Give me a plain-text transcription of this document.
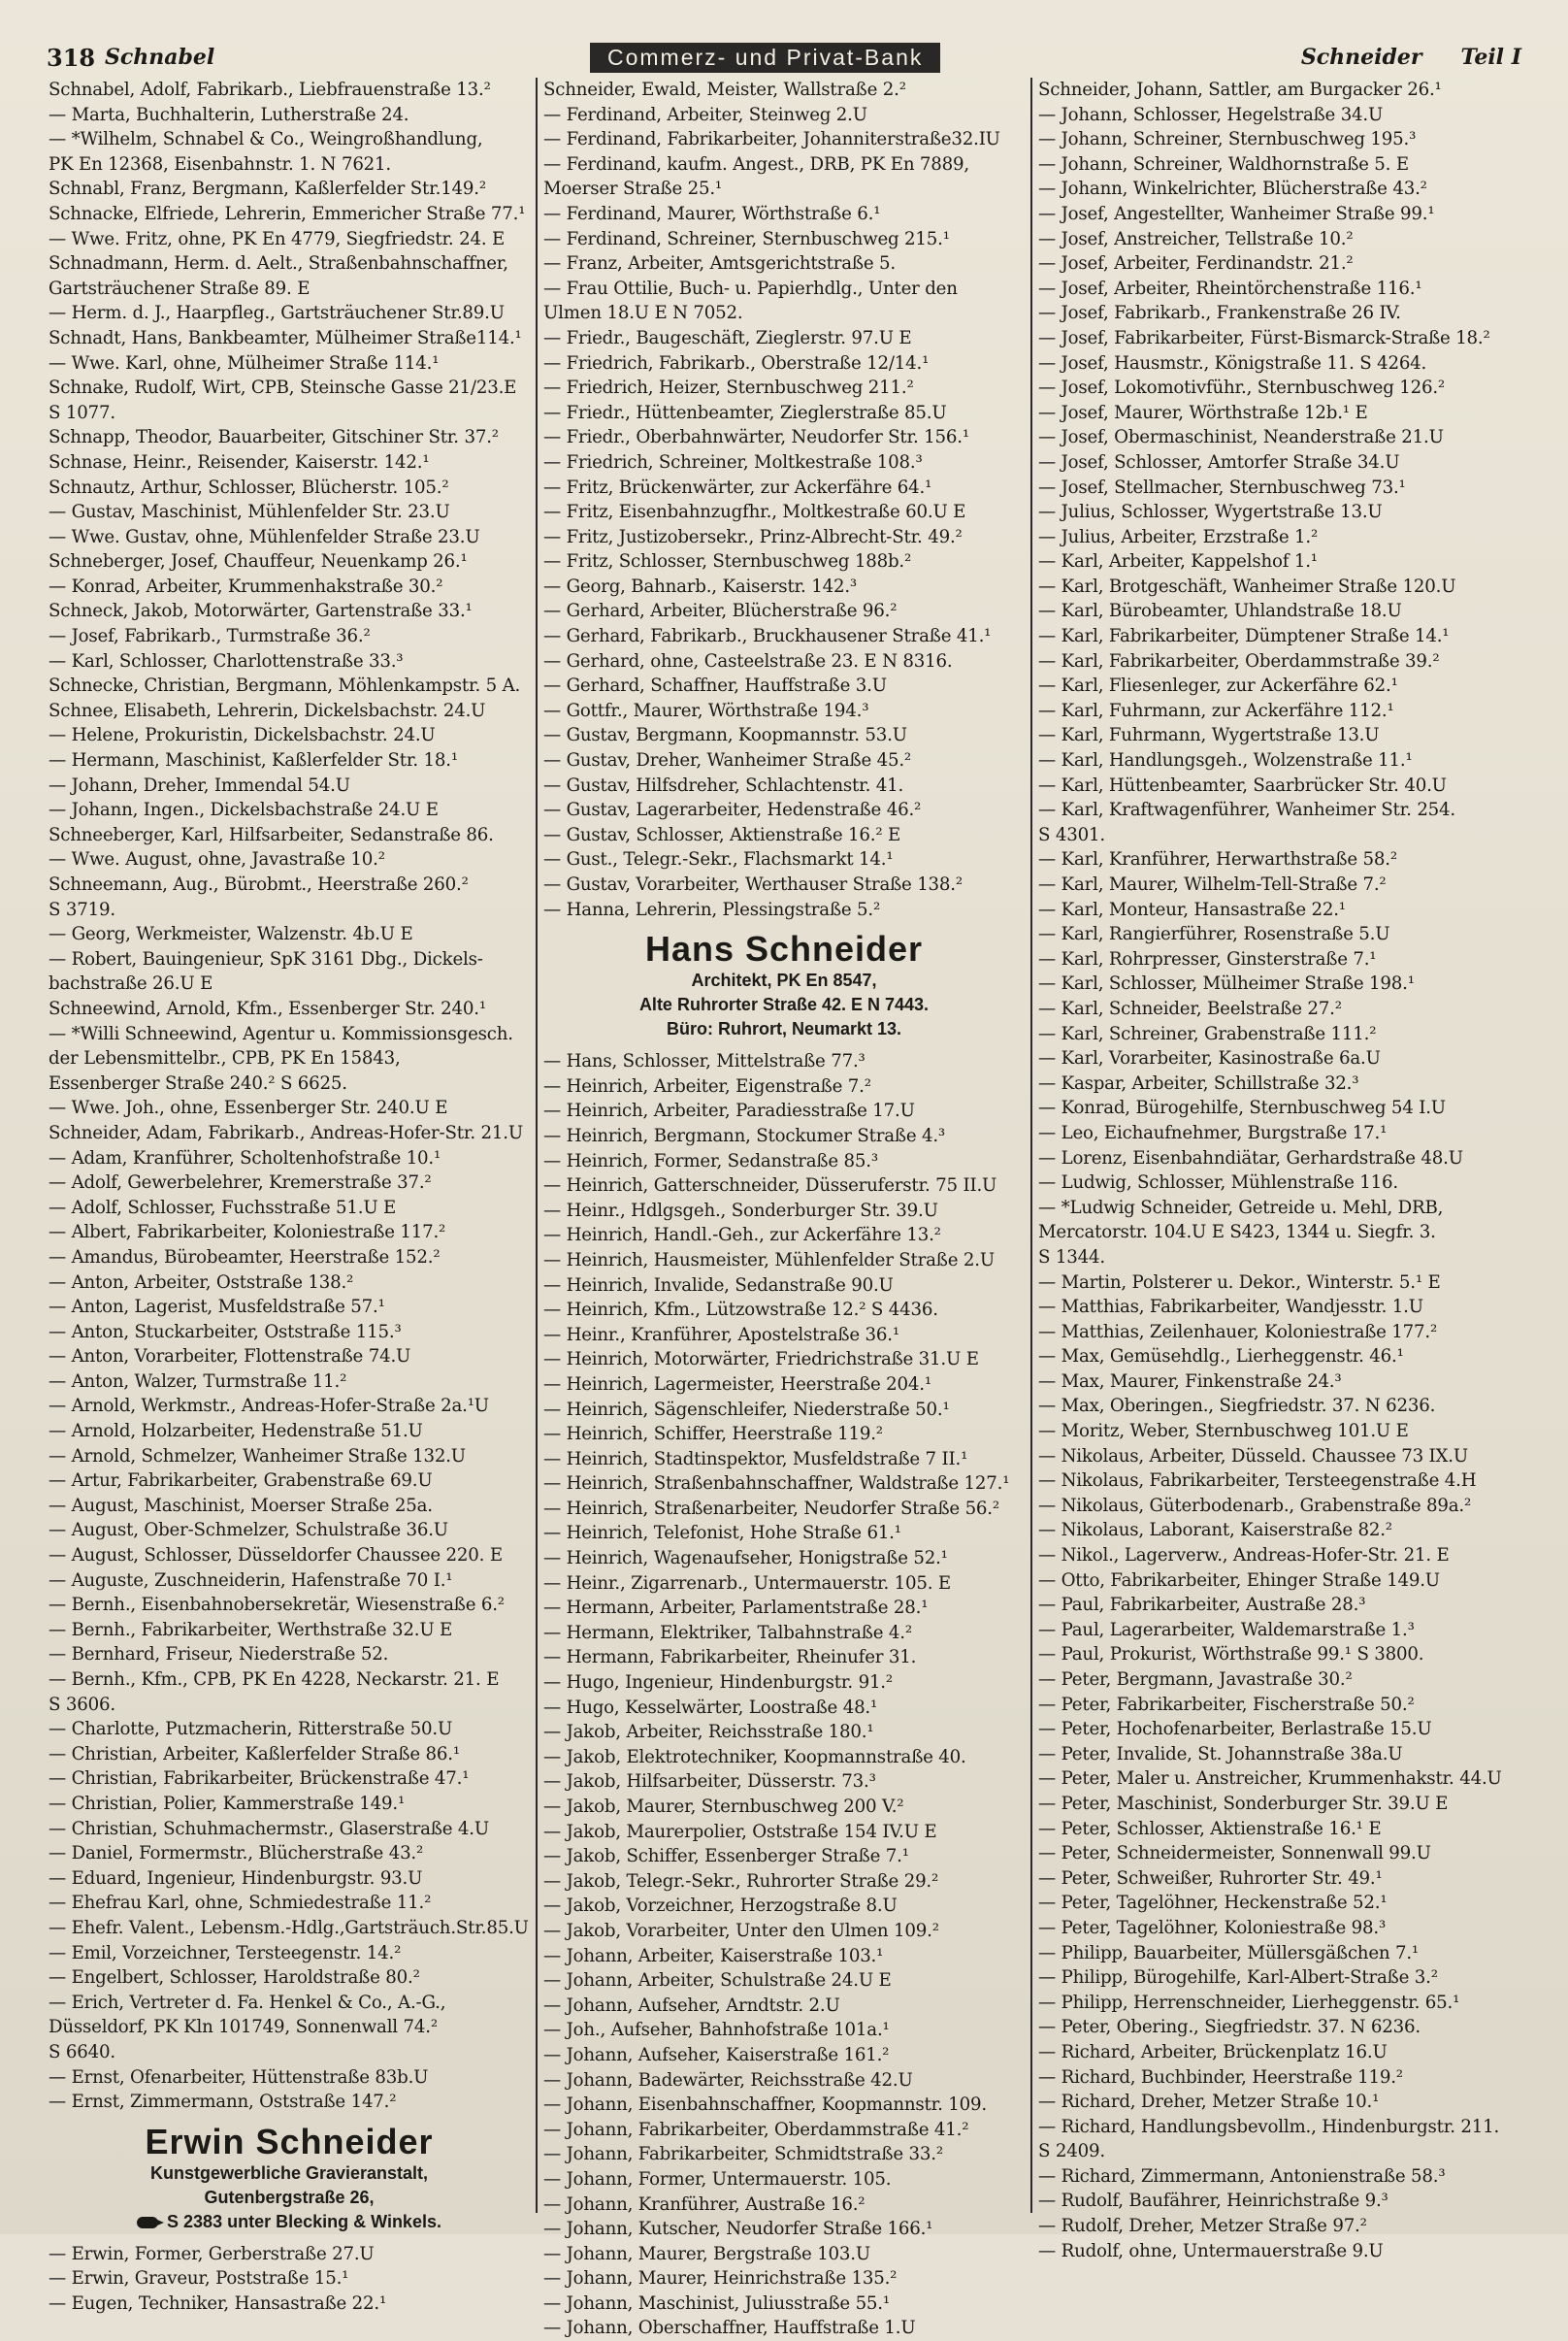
318 Schnabel	Commerz- und Privat-Bank	Schneider Teil I
Schnabel, Adolf, Fabrikarb., Liebfrauenstraße 13.²
— Marta, Buchhalterin, Lutherstraße 24.
— *Wilhelm, Schnabel & Co., Weingroßhandlung,
PK En 12368, Eisenbahnstr. 1. N 7621.
Schnabl, Franz, Bergmann, Kaßlerfelder Str.149.²
Schnacke, Elfriede, Lehrerin, Emmericher Straße 77.¹
— Wwe. Fritz, ohne, PK En 4779, Siegfriedstr. 24. E
Schnadmann, Herm. d. Aelt., Straßenbahnschaffner,
Gartsträuchener Straße 89. E
— Herm. d. J., Haarpfleg., Gartsträuchener Str.89.U
Schnadt, Hans, Bankbeamter, Mülheimer Straße114.¹
— Wwe. Karl, ohne, Mülheimer Straße 114.¹
Schnake, Rudolf, Wirt, CPB, Steinsche Gasse 21/23.E
S 1077.
Schnapp, Theodor, Bauarbeiter, Gitschiner Str. 37.²
Schnase, Heinr., Reisender, Kaiserstr. 142.¹
Schnautz, Arthur, Schlosser, Blücherstr. 105.²
— Gustav, Maschinist, Mühlenfelder Str. 23.U
— Wwe. Gustav, ohne, Mühlenfelder Straße 23.U
Schneberger, Josef, Chauffeur, Neuenkamp 26.¹
— Konrad, Arbeiter, Krummenhakstraße 30.²
Schneck, Jakob, Motorwärter, Gartenstraße 33.¹
— Josef, Fabrikarb., Turmstraße 36.²
— Karl, Schlosser, Charlottenstraße 33.³
Schnecke, Christian, Bergmann, Möhlenkampstr. 5 A.
Schnee, Elisabeth, Lehrerin, Dickelsbachstr. 24.U
— Helene, Prokuristin, Dickelsbachstr. 24.U
— Hermann, Maschinist, Kaßlerfelder Str. 18.¹
— Johann, Dreher, Immendal 54.U
— Johann, Ingen., Dickelsbachstraße 24.U E
Schneeberger, Karl, Hilfsarbeiter, Sedanstraße 86.
— Wwe. August, ohne, Javastraße 10.²
Schneemann, Aug., Bürobmt., Heerstraße 260.²
S 3719.
— Georg, Werkmeister, Walzenstr. 4b.U E
— Robert, Bauingenieur, SpK 3161 Dbg., Dickels-
bachstraße 26.U E
Schneewind, Arnold, Kfm., Essenberger Str. 240.¹
— *Willi Schneewind, Agentur u. Kommissionsgesch.
der Lebensmittelbr., CPB, PK En 15843,
Essenberger Straße 240.² S 6625.
— Wwe. Joh., ohne, Essenberger Str. 240.U E
Schneider, Adam, Fabrikarb., Andreas-Hofer-Str. 21.U
— Adam, Kranführer, Scholtenhofstraße 10.¹
— Adolf, Gewerbelehrer, Kremerstraße 37.²
— Adolf, Schlosser, Fuchsstraße 51.U E
— Albert, Fabrikarbeiter, Koloniestraße 117.²
— Amandus, Bürobeamter, Heerstraße 152.²
— Anton, Arbeiter, Oststraße 138.²
— Anton, Lagerist, Musfeldstraße 57.¹
— Anton, Stuckarbeiter, Oststraße 115.³
— Anton, Vorarbeiter, Flottenstraße 74.U
— Anton, Walzer, Turmstraße 11.²
— Arnold, Werkmstr., Andreas-Hofer-Straße 2a.¹U
— Arnold, Holzarbeiter, Hedenstraße 51.U
— Arnold, Schmelzer, Wanheimer Straße 132.U
— Artur, Fabrikarbeiter, Grabenstraße 69.U
— August, Maschinist, Moerser Straße 25a.
— August, Ober-Schmelzer, Schulstraße 36.U
— August, Schlosser, Düsseldorfer Chaussee 220. E
— Auguste, Zuschneiderin, Hafenstraße 70 I.¹
— Bernh., Eisenbahnobersekretär, Wiesenstraße 6.²
— Bernh., Fabrikarbeiter, Werthstraße 32.U E
— Bernhard, Friseur, Niederstraße 52.
— Bernh., Kfm., CPB, PK En 4228, Neckarstr. 21. E
S 3606.
— Charlotte, Putzmacherin, Ritterstraße 50.U
— Christian, Arbeiter, Kaßlerfelder Straße 86.¹
— Christian, Fabrikarbeiter, Brückenstraße 47.¹
— Christian, Polier, Kammerstraße 149.¹
— Christian, Schuhmachermstr., Glaserstraße 4.U
— Daniel, Formermstr., Blücherstraße 43.²
— Eduard, Ingenieur, Hindenburgstr. 93.U
— Ehefrau Karl, ohne, Schmiedestraße 11.²
— Ehefr. Valent., Lebensm.-Hdlg.,Gartsträuch.Str.85.U
— Emil, Vorzeichner, Tersteegenstr. 14.²
— Engelbert, Schlosser, Haroldstraße 80.²
— Erich, Vertreter d. Fa. Henkel & Co., A.-G.,
Düsseldorf, PK Kln 101749, Sonnenwall 74.²
S 6640.
— Ernst, Ofenarbeiter, Hüttenstraße 83b.U
— Ernst, Zimmermann, Oststraße 147.²
Erwin Schneider
Kunstgewerbliche Gravieranstalt,
Gutenbergstraße 26,
S 2383 unter Blecking & Winkels.
— Erwin, Former, Gerberstraße 27.U
— Erwin, Graveur, Poststraße 15.¹
— Eugen, Techniker, Hansastraße 22.¹
Schneider, Ewald, Meister, Wallstraße 2.²
— Ferdinand, Arbeiter, Steinweg 2.U
— Ferdinand, Fabrikarbeiter, Johanniterstraße32.IU
— Ferdinand, kaufm. Angest., DRB, PK En 7889,
Moerser Straße 25.¹
— Ferdinand, Maurer, Wörthstraße 6.¹
— Ferdinand, Schreiner, Sternbuschweg 215.¹
— Franz, Arbeiter, Amtsgerichtstraße 5.
— Frau Ottilie, Buch- u. Papierhdlg., Unter den
Ulmen 18.U E N 7052.
— Friedr., Baugeschäft, Zieglerstr. 97.U E
— Friedrich, Fabrikarb., Oberstraße 12/14.¹
— Friedrich, Heizer, Sternbuschweg 211.²
— Friedr., Hüttenbeamter, Zieglerstraße 85.U
— Friedr., Oberbahnwärter, Neudorfer Str. 156.¹
— Friedrich, Schreiner, Moltkestraße 108.³
— Fritz, Brückenwärter, zur Ackerfähre 64.¹
— Fritz, Eisenbahnzugfhr., Moltkestraße 60.U E
— Fritz, Justizobersekr., Prinz-Albrecht-Str. 49.²
— Fritz, Schlosser, Sternbuschweg 188b.²
— Georg, Bahnarb., Kaiserstr. 142.³
— Gerhard, Arbeiter, Blücherstraße 96.²
— Gerhard, Fabrikarb., Bruckhausener Straße 41.¹
— Gerhard, ohne, Casteelstraße 23. E N 8316.
— Gerhard, Schaffner, Hauffstraße 3.U
— Gottfr., Maurer, Wörthstraße 194.³
— Gustav, Bergmann, Koopmannstr. 53.U
— Gustav, Dreher, Wanheimer Straße 45.²
— Gustav, Hilfsdreher, Schlachtenstr. 41.
— Gustav, Lagerarbeiter, Hedenstraße 46.²
— Gustav, Schlosser, Aktienstraße 16.² E
— Gust., Telegr.-Sekr., Flachsmarkt 14.¹
— Gustav, Vorarbeiter, Werthauser Straße 138.²
— Hanna, Lehrerin, Plessingstraße 5.²
Hans Schneider
Architekt, PK En 8547,
Alte Ruhrorter Straße 42. E N 7443.
Büro: Ruhrort, Neumarkt 13.
— Hans, Schlosser, Mittelstraße 77.³
— Heinrich, Arbeiter, Eigenstraße 7.²
— Heinrich, Arbeiter, Paradiesstraße 17.U
— Heinrich, Bergmann, Stockumer Straße 4.³
— Heinrich, Former, Sedanstraße 85.³
— Heinrich, Gatterschneider, Düsseruferstr. 75 II.U
— Heinr., Hdlgsgeh., Sonderburger Str. 39.U
— Heinrich, Handl.-Geh., zur Ackerfähre 13.²
— Heinrich, Hausmeister, Mühlenfelder Straße 2.U
— Heinrich, Invalide, Sedanstraße 90.U
— Heinrich, Kfm., Lützowstraße 12.² S 4436.
— Heinr., Kranführer, Apostelstraße 36.¹
— Heinrich, Motorwärter, Friedrichstraße 31.U E
— Heinrich, Lagermeister, Heerstraße 204.¹
— Heinrich, Sägenschleifer, Niederstraße 50.¹
— Heinrich, Schiffer, Heerstraße 119.²
— Heinrich, Stadtinspektor, Musfeldstraße 7 II.¹
— Heinrich, Straßenbahnschaffner, Waldstraße 127.¹
— Heinrich, Straßenarbeiter, Neudorfer Straße 56.²
— Heinrich, Telefonist, Hohe Straße 61.¹
— Heinrich, Wagenaufseher, Honigstraße 52.¹
— Heinr., Zigarrenarb., Untermauerstr. 105. E
— Hermann, Arbeiter, Parlamentstraße 28.¹
— Hermann, Elektriker, Talbahnstraße 4.²
— Hermann, Fabrikarbeiter, Rheinufer 31.
— Hugo, Ingenieur, Hindenburgstr. 91.²
— Hugo, Kesselwärter, Loostraße 48.¹
— Jakob, Arbeiter, Reichsstraße 180.¹
— Jakob, Elektrotechniker, Koopmannstraße 40.
— Jakob, Hilfsarbeiter, Düsserstr. 73.³
— Jakob, Maurer, Sternbuschweg 200 V.²
— Jakob, Maurerpolier, Oststraße 154 IV.U E
— Jakob, Schiffer, Essenberger Straße 7.¹
— Jakob, Telegr.-Sekr., Ruhrorter Straße 29.²
— Jakob, Vorzeichner, Herzogstraße 8.U
— Jakob, Vorarbeiter, Unter den Ulmen 109.²
— Johann, Arbeiter, Kaiserstraße 103.¹
— Johann, Arbeiter, Schulstraße 24.U E
— Johann, Aufseher, Arndtstr. 2.U
— Joh., Aufseher, Bahnhofstraße 101a.¹
— Johann, Aufseher, Kaiserstraße 161.²
— Johann, Badewärter, Reichsstraße 42.U
— Johann, Eisenbahnschaffner, Koopmannstr. 109.
— Johann, Fabrikarbeiter, Oberdammstraße 41.²
— Johann, Fabrikarbeiter, Schmidtstraße 33.²
— Johann, Former, Untermauerstr. 105.
— Johann, Kranführer, Austraße 16.²
— Johann, Kutscher, Neudorfer Straße 166.¹
— Johann, Maurer, Bergstraße 103.U
— Johann, Maurer, Heinrichstraße 135.²
— Johann, Maschinist, Juliusstraße 55.¹
— Johann, Oberschaffner, Hauffstraße 1.U
Schneider, Johann, Sattler, am Burgacker 26.¹
— Johann, Schlosser, Hegelstraße 34.U
— Johann, Schreiner, Sternbuschweg 195.³
— Johann, Schreiner, Waldhornstraße 5. E
— Johann, Winkelrichter, Blücherstraße 43.²
— Josef, Angestellter, Wanheimer Straße 99.¹
— Josef, Anstreicher, Tellstraße 10.²
— Josef, Arbeiter, Ferdinandstr. 21.²
— Josef, Arbeiter, Rheintörchenstraße 116.¹
— Josef, Fabrikarb., Frankenstraße 26 IV.
— Josef, Fabrikarbeiter, Fürst-Bismarck-Straße 18.²
— Josef, Hausmstr., Königstraße 11. S 4264.
— Josef, Lokomotivführ., Sternbuschweg 126.²
— Josef, Maurer, Wörthstraße 12b.¹ E
— Josef, Obermaschinist, Neanderstraße 21.U
— Josef, Schlosser, Amtorfer Straße 34.U
— Josef, Stellmacher, Sternbuschweg 73.¹
— Julius, Schlosser, Wygertstraße 13.U
— Julius, Arbeiter, Erzstraße 1.²
— Karl, Arbeiter, Kappelshof 1.¹
— Karl, Brotgeschäft, Wanheimer Straße 120.U
— Karl, Bürobeamter, Uhlandstraße 18.U
— Karl, Fabrikarbeiter, Dümptener Straße 14.¹
— Karl, Fabrikarbeiter, Oberdammstraße 39.²
— Karl, Fliesenleger, zur Ackerfähre 62.¹
— Karl, Fuhrmann, zur Ackerfähre 112.¹
— Karl, Fuhrmann, Wygertstraße 13.U
— Karl, Handlungsgeh., Wolzenstraße 11.¹
— Karl, Hüttenbeamter, Saarbrücker Str. 40.U
— Karl, Kraftwagenführer, Wanheimer Str. 254.
S 4301.
— Karl, Kranführer, Herwarthstraße 58.²
— Karl, Maurer, Wilhelm-Tell-Straße 7.²
— Karl, Monteur, Hansastraße 22.¹
— Karl, Rangierführer, Rosenstraße 5.U
— Karl, Rohrpresser, Ginsterstraße 7.¹
— Karl, Schlosser, Mülheimer Straße 198.¹
— Karl, Schneider, Beelstraße 27.²
— Karl, Schreiner, Grabenstraße 111.²
— Karl, Vorarbeiter, Kasinostraße 6a.U
— Kaspar, Arbeiter, Schillstraße 32.³
— Konrad, Bürogehilfe, Sternbuschweg 54 I.U
— Leo, Eichaufnehmer, Burgstraße 17.¹
— Lorenz, Eisenbahndiätar, Gerhardstraße 48.U
— Ludwig, Schlosser, Mühlenstraße 116.
— *Ludwig Schneider, Getreide u. Mehl, DRB,
Mercatorstr. 104.U E S423, 1344 u. Siegfr. 3.
S 1344.
— Martin, Polsterer u. Dekor., Winterstr. 5.¹ E
— Matthias, Fabrikarbeiter, Wandjesstr. 1.U
— Matthias, Zeilenhauer, Koloniestraße 177.²
— Max, Gemüsehdlg., Lierheggenstr. 46.¹
— Max, Maurer, Finkenstraße 24.³
— Max, Oberingen., Siegfriedstr. 37. N 6236.
— Moritz, Weber, Sternbuschweg 101.U E
— Nikolaus, Arbeiter, Düsseld. Chaussee 73 IX.U
— Nikolaus, Fabrikarbeiter, Tersteegenstraße 4.H
— Nikolaus, Güterbodenarb., Grabenstraße 89a.²
— Nikolaus, Laborant, Kaiserstraße 82.²
— Nikol., Lagerverw., Andreas-Hofer-Str. 21. E
— Otto, Fabrikarbeiter, Ehinger Straße 149.U
— Paul, Fabrikarbeiter, Austraße 28.³
— Paul, Lagerarbeiter, Waldemarstraße 1.³
— Paul, Prokurist, Wörthstraße 99.¹ S 3800.
— Peter, Bergmann, Javastraße 30.²
— Peter, Fabrikarbeiter, Fischerstraße 50.²
— Peter, Hochofenarbeiter, Berlastraße 15.U
— Peter, Invalide, St. Johannstraße 38a.U
— Peter, Maler u. Anstreicher, Krummenhakstr. 44.U
— Peter, Maschinist, Sonderburger Str. 39.U E
— Peter, Schlosser, Aktienstraße 16.¹ E
— Peter, Schneidermeister, Sonnenwall 99.U
— Peter, Schweißer, Ruhrorter Str. 49.¹
— Peter, Tagelöhner, Heckenstraße 52.¹
— Peter, Tagelöhner, Koloniestraße 98.³
— Philipp, Bauarbeiter, Müllersgäßchen 7.¹
— Philipp, Bürogehilfe, Karl-Albert-Straße 3.²
— Philipp, Herrenschneider, Lierheggenstr. 65.¹
— Peter, Obering., Siegfriedstr. 37. N 6236.
— Richard, Arbeiter, Brückenplatz 16.U
— Richard, Buchbinder, Heerstraße 119.²
— Richard, Dreher, Metzer Straße 10.¹
— Richard, Handlungsbevollm., Hindenburgstr. 211.
S 2409.
— Richard, Zimmermann, Antonienstraße 58.³
— Rudolf, Baufährer, Heinrichstraße 9.³
— Rudolf, Dreher, Metzer Straße 97.²
— Rudolf, ohne, Untermauerstraße 9.U
